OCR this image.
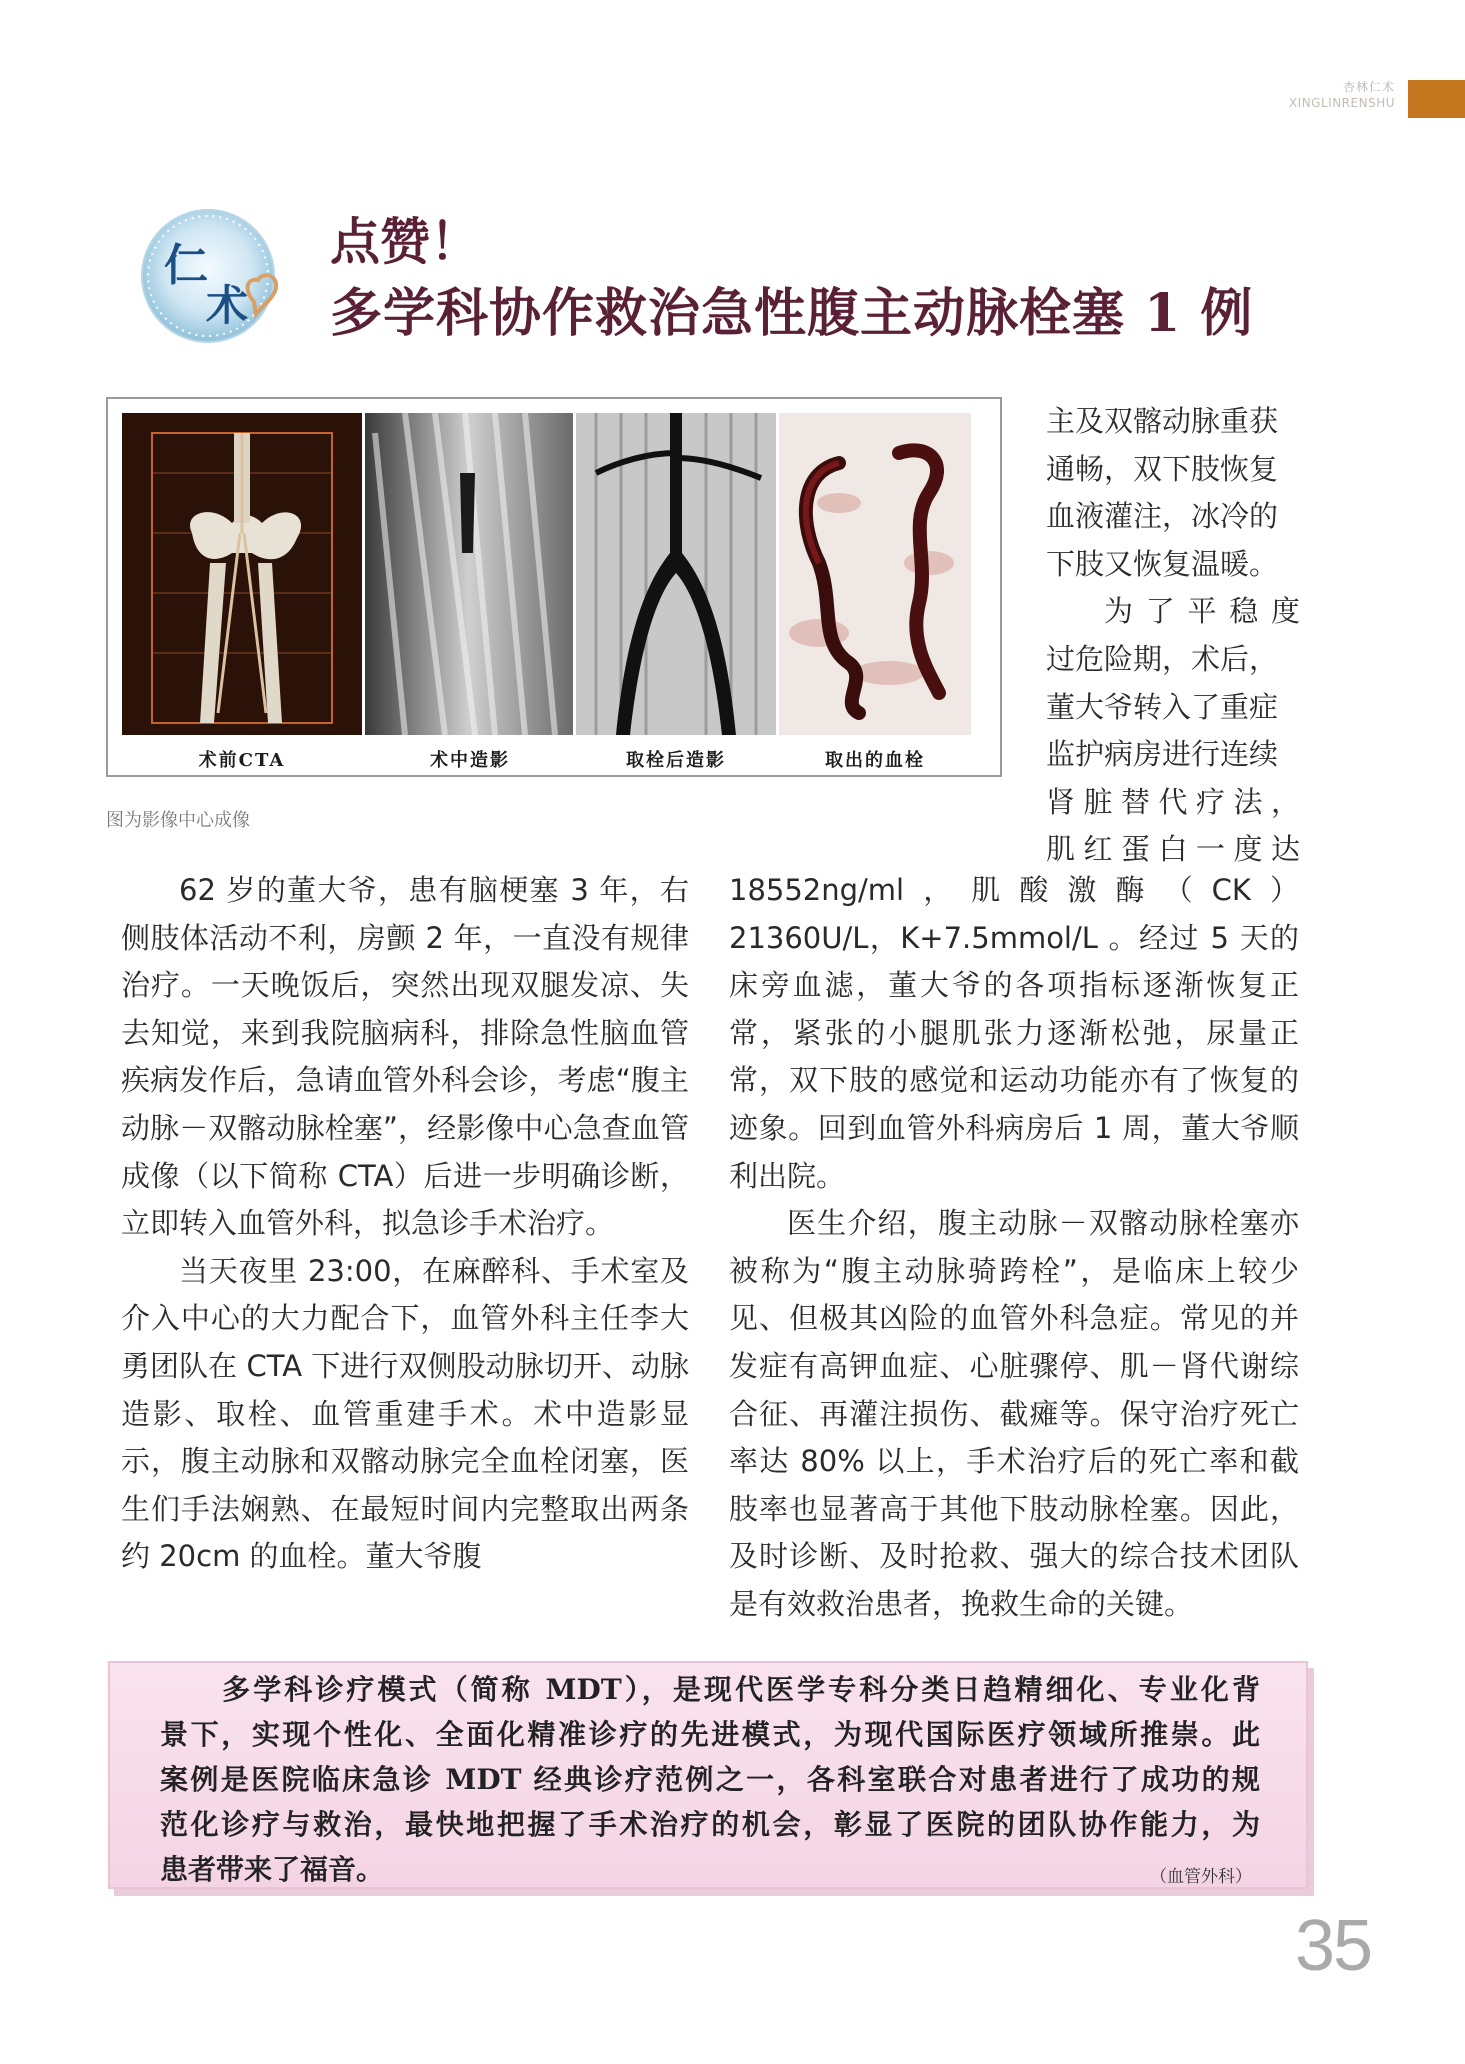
杏林仁术
XINGLINRENSHU
仁
术
点赞！
多学科协作救治急性腹主动脉栓塞 1 例
术前CTA	术中造影	取栓后造影	取出的血栓
图为影像中心成像

主及双髂动脉重获

通畅，双下肢恢复

血液灌注，冰冷的

下肢又恢复温暖。

为了平稳度

过危险期，术后，

董大爷转入了重症

监护病房进行连续

肾脏替代疗法，

肌红蛋白一度达

62 岁的董大爷，患有脑梗塞 3 年，右侧肢体活动不利，房颤 2 年，一直没有规律治疗。一天晚饭后，突然出现双腿发凉、失去知觉，来到我院脑病科，排除急性脑血管疾病发作后，急请血管外科会诊，考虑“腹主动脉－双髂动脉栓塞”，经影像中心急查血管成像（以下简称 CTA）后进一步明确诊断，立即转入血管外科，拟急诊手术治疗。

当天夜里 23:00，在麻醉科、手术室及介入中心的大力配合下，血管外科主任李大勇团队在 CTA 下进行双侧股动脉切开、动脉造影、取栓、血管重建手术。术中造影显示，腹主动脉和双髂动脉完全血栓闭塞，医生们手法娴熟、在最短时间内完整取出两条约 20cm 的血栓。董大爷腹

18552ng/ml，肌酸激酶（CK）21360U/L，K+7.5mmol/L 。经过 5 天的床旁血滤，董大爷的各项指标逐渐恢复正常，紧张的小腿肌张力逐渐松弛，尿量正常，双下肢的感觉和运动功能亦有了恢复的迹象。回到血管外科病房后 1 周，董大爷顺利出院。

医生介绍，腹主动脉－双髂动脉栓塞亦被称为“腹主动脉骑跨栓”，是临床上较少见、但极其凶险的血管外科急症。常见的并发症有高钾血症、心脏骤停、肌－肾代谢综合征、再灌注损伤、截瘫等。保守治疗死亡率达 80% 以上，手术治疗后的死亡率和截肢率也显著高于其他下肢动脉栓塞。因此，及时诊断、及时抢救、强大的综合技术团队是有效救治患者，挽救生命的关键。

　　多学科诊疗模式（简称 MDT），是现代医学专科分类日趋精细化、专业化背

景下，实现个性化、全面化精准诊疗的先进模式，为现代国际医疗领域所推崇。此

案例是医院临床急诊 MDT 经典诊疗范例之一，各科室联合对患者进行了成功的规

范化诊疗与救治，最快地把握了手术治疗的机会，彰显了医院的团队协作能力，为

患者带来了福音。	（血管外科）
35
